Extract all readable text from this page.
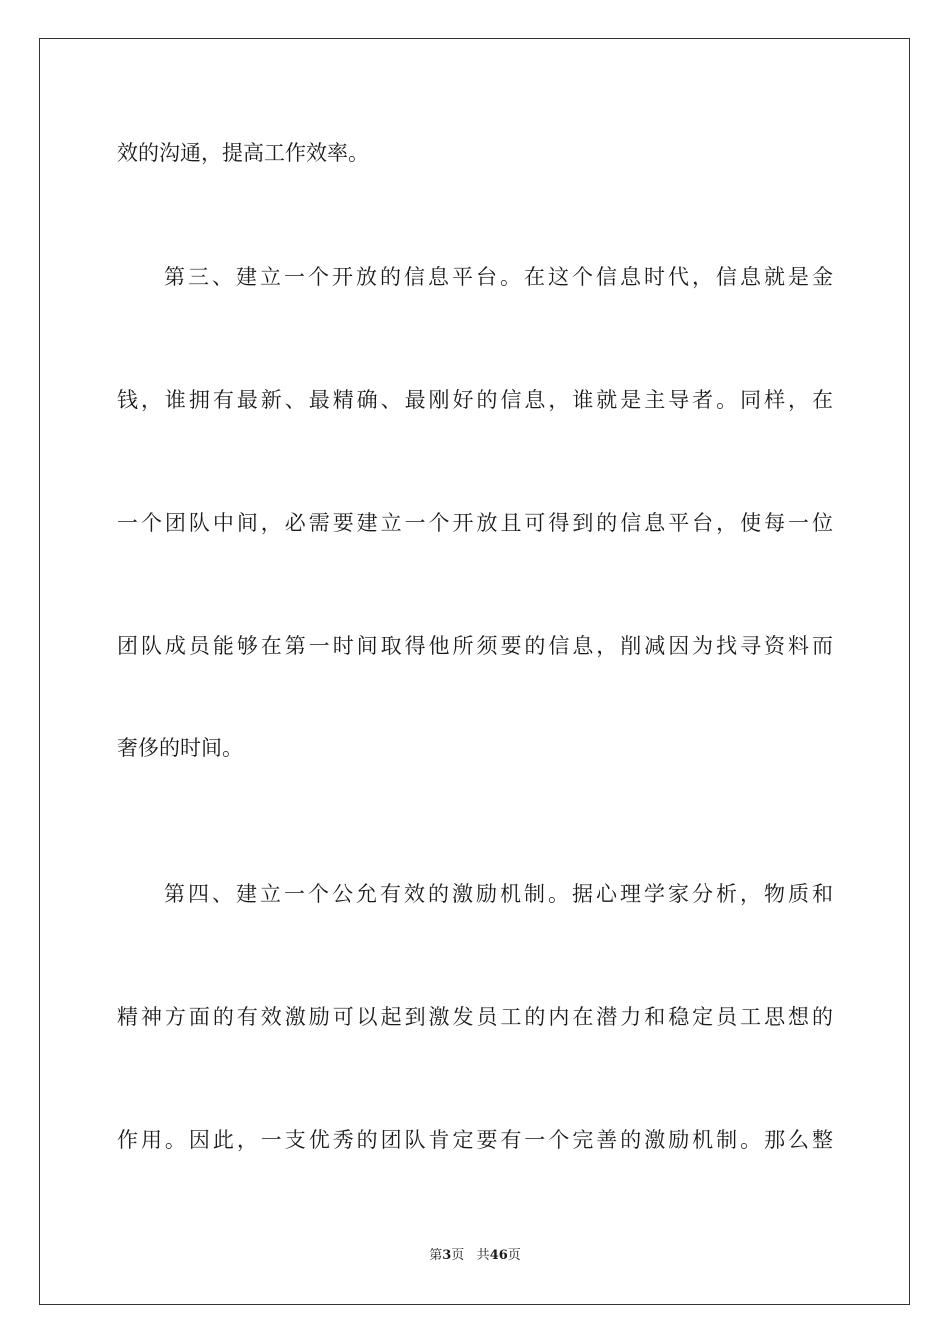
效的沟通，提高工作效率。
第三、建立一个开放的信息平台。在这个信息时代，信息就是金
钱，谁拥有最新、最精确、最刚好的信息，谁就是主导者。同样，在
一个团队中间，必需要建立一个开放且可得到的信息平台，使每一位
团队成员能够在第一时间取得他所须要的信息，削减因为找寻资料而
奢侈的时间。
第四、建立一个公允有效的激励机制。据心理学家分析，物质和
精神方面的有效激励可以起到激发员工的内在潜力和稳定员工思想的
作用。因此，一支优秀的团队肯定要有一个完善的激励机制。那么整
第3页 共46页
